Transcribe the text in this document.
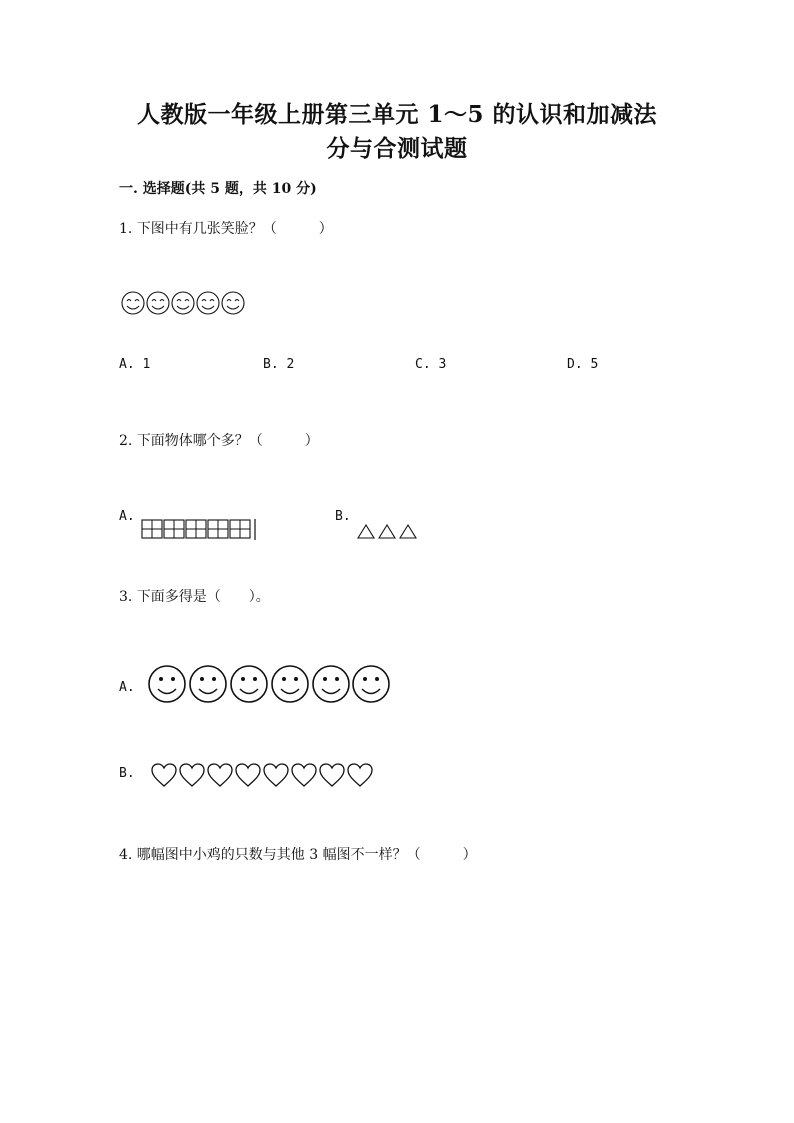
人教版一年级上册第三单元 1～5 的认识和加减法
分与合测试题
一. 选择题(共 5 题，共 10 分)
1. 下图中有几张笑脸？（　　　）
A. 1	B. 2	C. 3	D. 5
2. 下面物体哪个多？（　　　）
A.	B.
3. 下面多得是（　　）。
A.
B.
4. 哪幅图中小鸡的只数与其他 3 幅图不一样？（　　　）
